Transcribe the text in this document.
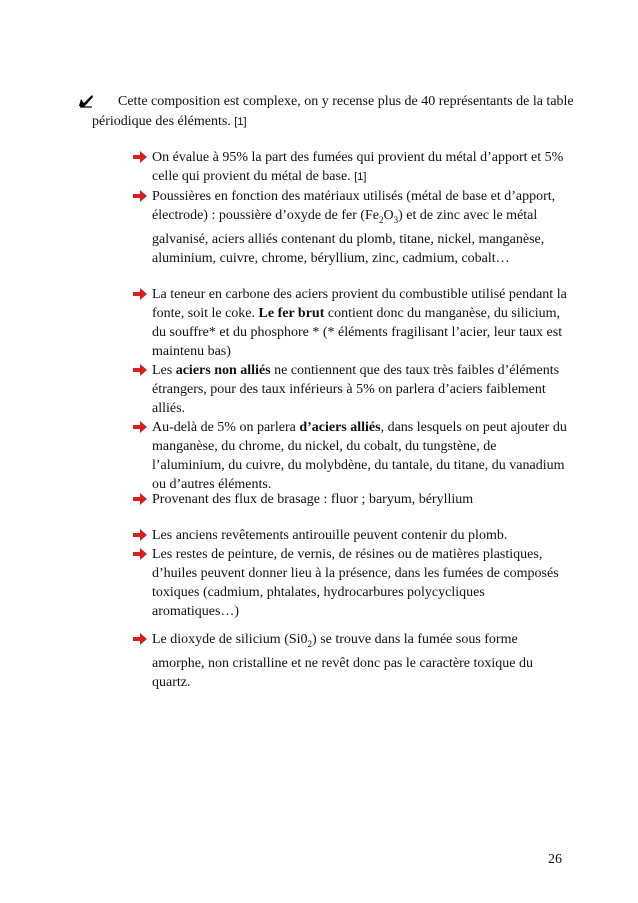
Cette composition est complexe, on y recense plus de 40 représentants de la table périodique des éléments. [1]

On évalue à 95% la part des fumées qui provient du métal d’apport et 5% celle qui provient du métal de base. [1]

Poussières en fonction des matériaux utilisés (métal de base et d’apport, électrode) : poussière d’oxyde de fer $(Fe_2O_3)$ et de zinc avec le métal galvanisé, aciers alliés contenant du plomb, titane, nickel, manganèse, aluminium, cuivre, chrome, béryllium, zinc, cadmium, cobalt…

La teneur en carbone des aciers provient du combustible utilisé pendant la fonte, soit le coke. Le fer brut contient donc du manganèse, du silicium, du souffre* et du phosphore * (* éléments fragilisant l’acier, leur taux est maintenu bas)

Les aciers non alliés ne contiennent que des taux très faibles d’éléments étrangers, pour des taux inférieurs à 5% on parlera d’aciers faiblement alliés.

Au-delà de 5% on parlera d’aciers alliés, dans lesquels on peut ajouter du manganèse, du chrome, du nickel, du cobalt, du tungstène, de l’aluminium, du cuivre, du molybdène, du tantale, du titane, du vanadium ou d’autres éléments.

Provenant des flux de brasage : fluor ; baryum, béryllium

Les anciens revêtements antirouille peuvent contenir du plomb.

Les restes de peinture, de vernis, de résines ou de matières plastiques, d’huiles peuvent donner lieu à la présence, dans les fumées de composés toxiques (cadmium, phtalates, hydrocarbures polycycliques aromatiques…)

Le dioxyde de silicium $(Si0_2)$ se trouve dans la fumée sous forme amorphe, non cristalline et ne revêt donc pas le caractère toxique du quartz.

26
